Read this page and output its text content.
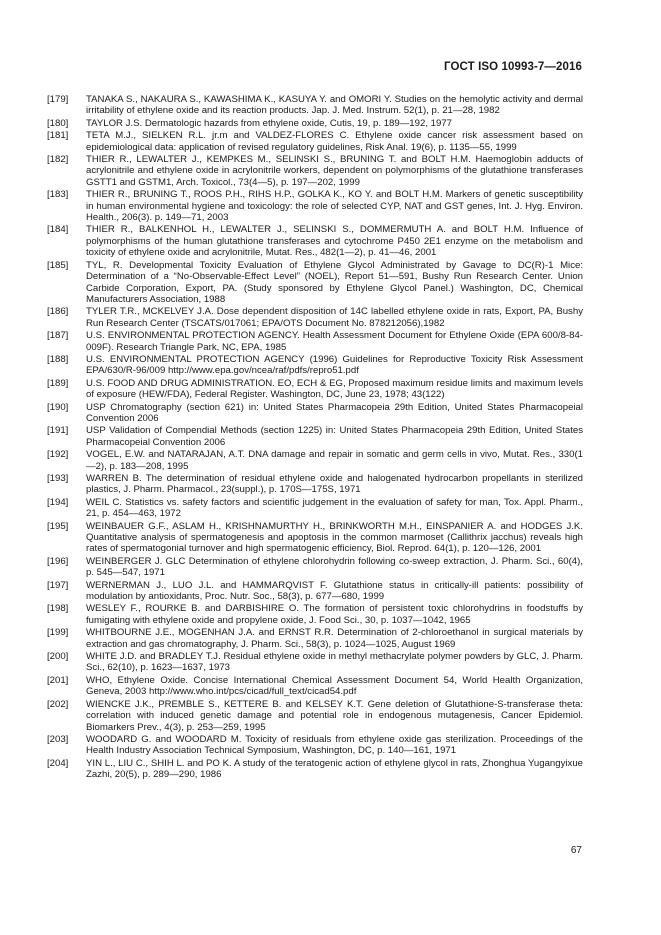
ГОСТ ISO 10993-7—2016
[179]	TANAKA S., NAKAURA S., KAWASHIMA K., KASUYA Y. and OMORI Y. Studies on the hemolytic activity and dermal irritability of ethylene oxide and its reaction products. Jap. J. Med. Instrum. 52(1), p. 21—28, 1982
[180]	TAYLOR J.S. Dermatologic hazards from ethylene oxide, Cutis, 19, p. 189—192, 1977
[181]	TETA M.J., SIELKEN R.L. jr.m and VALDEZ-FLORES C. Ethylene oxide cancer risk assessment based on epidemiological data: application of revised regulatory guidelines, Risk Anal. 19(6), p. 1135—55, 1999
[182]	THIER R., LEWALTER J., KEMPKES M., SELINSKI S., BRUNING T. and BOLT H.M. Haemoglobin adducts of acrylonitrile and ethylene oxide in acrylonitrile workers, dependent on polymorphisms of the glutathione transferases GSTT1 and GSTM1, Arch. Toxicol., 73(4—5), p. 197—202, 1999
[183]	THIER R., BRUNING T., ROOS P.H., RIHS H.P., GOLKA K., KO Y. and BOLT H.M. Markers of genetic susceptibility in human environmental hygiene and toxicology: the role of selected CYP, NAT and GST genes, Int. J. Hyg. Environ. Health., 206(3). p. 149—71, 2003
[184]	THIER R., BALKENHOL H., LEWALTER J., SELINSKI S., DOMMERMUTH A. and BOLT H.M. Influence of polymorphisms of the human glutathione transferases and cytochrome P450 2E1 enzyme on the metabolism and toxicity of ethylene oxide and acrylonitrile, Mutat. Res., 482(1—2), p. 41—46, 2001
[185]	TYL, R. Developmental Toxicity Evaluation of Ethylene Glycol Administrated by Gavage to DC(R)-1 Mice: Determination of a “No-Observable-Effect Level” (NOEL), Report 51—591, Bushy Run Research Center. Union Carbide Corporation, Export, PA. (Study sponsored by Ethylene Glycol Panel.) Washington, DC, Chemical Manufacturers Association, 1988
[186]	TYLER T.R., MCKELVEY J.A. Dose dependent disposition of 14C labelled ethylene oxide in rats, Export, PA, Bushy Run Research Center (TSCATS/017061; EPA/OTS Document No. 878212056),1982
[187]	U.S. ENVIRONMENTAL PROTECTION AGENCY. Health Assessment Document for Ethylene Oxide (EPA 600/8-84-009F). Research Triangle Park, NC, EPA, 1985
[188]	U.S. ENVIRONMENTAL PROTECTION AGENCY (1996) Guidelines for Reproductive Toxicity Risk Assessment EPA/630/R-96/009 http://www.epa.gov/ncea/raf/pdfs/repro51.pdf
[189]	U.S. FOOD AND DRUG ADMINISTRATION. EO, ECH & EG, Proposed maximum residue limits and maximum levels of exposure (HEW/FDA), Federal Register. Washington, DC, June 23, 1978; 43(122)
[190]	USP Chromatography (section 621) in: United States Pharmacopeia 29th Edition, United States Pharmacopeial Convention 2006
[191]	USP Validation of Compendial Methods (section 1225) in: United States Pharmacopeia 29th Edition, United States Pharmacopeial Convention 2006
[192]	VOGEL, E.W. and NATARAJAN, A.T. DNA damage and repair in somatic and germ cells in vivo, Mutat. Res., 330(1—2), p. 183—208, 1995
[193]	WARREN B. The determination of residual ethylene oxide and halogenated hydrocarbon propellants in sterilized plastics, J. Pharm. Pharmacol., 23(suppl.), p. 170S—175S, 1971
[194]	WEIL C. Statistics vs. safety factors and scientific judgement in the evaluation of safety for man, Tox. Appl. Pharm., 21, p. 454—463, 1972
[195]	WEINBAUER G.F., ASLAM H., KRISHNAMURTHY H., BRINKWORTH M.H., EINSPANIER A. and HODGES J.K. Quantitative analysis of spermatogenesis and apoptosis in the common marmoset (Callithrix jacchus) reveals high rates of spermatogonial turnover and high spermatogenic efficiency, Biol. Reprod. 64(1), p. 120—126, 2001
[196]	WEINBERGER J. GLC Determination of ethylene chlorohydrin following co-sweep extraction, J. Pharm. Sci., 60(4), p. 545—547, 1971
[197]	WERNERMAN J., LUO J.L. and HAMMARQVIST F. Glutathione status in critically-ill patients: possibility of modulation by antioxidants, Proc. Nutr. Soc., 58(3), p. 677—680, 1999
[198]	WESLEY F., ROURKE B. and DARBISHIRE O. The formation of persistent toxic chlorohydrins in foodstuffs by fumigating with ethylene oxide and propylene oxide, J. Food Sci., 30, p. 1037—1042, 1965
[199]	WHITBOURNE J.E., MOGENHAN J.A. and ERNST R.R. Determination of 2-chloroethanol in surgical materials by extraction and gas chromatography, J. Pharm. Sci., 58(3), p. 1024—1025, August 1969
[200]	WHITE J.D. and BRADLEY T.J. Residual ethylene oxide in methyl methacrylate polymer powders by GLC, J. Pharm. Sci., 62(10), p. 1623—1637, 1973
[201]	WHO, Ethylene Oxide. Concise International Chemical Assessment Document 54, World Health Organization, Geneva, 2003 http://www.who.int/pcs/cicad/full_text/cicad54.pdf
[202]	WIENCKE J.K., PREMBLE S., KETTERE B. and KELSEY K.T. Gene deletion of Glutathione-S-transferase theta: correlation with induced genetic damage and potential role in endogenous mutagenesis, Cancer Epidemiol. Biomarkers Prev., 4(3), p. 253—259, 1995
[203]	WOODARD G. and WOODARD M. Toxicity of residuals from ethylene oxide gas sterilization. Proceedings of the Health Industry Association Technical Symposium, Washington, DC, p. 140—161, 1971
[204]	YIN L., LIU C., SHIH L. and PO K. A study of the teratogenic action of ethylene glycol in rats, Zhonghua Yugangyixue Zazhi, 20(5), p. 289—290, 1986
67
